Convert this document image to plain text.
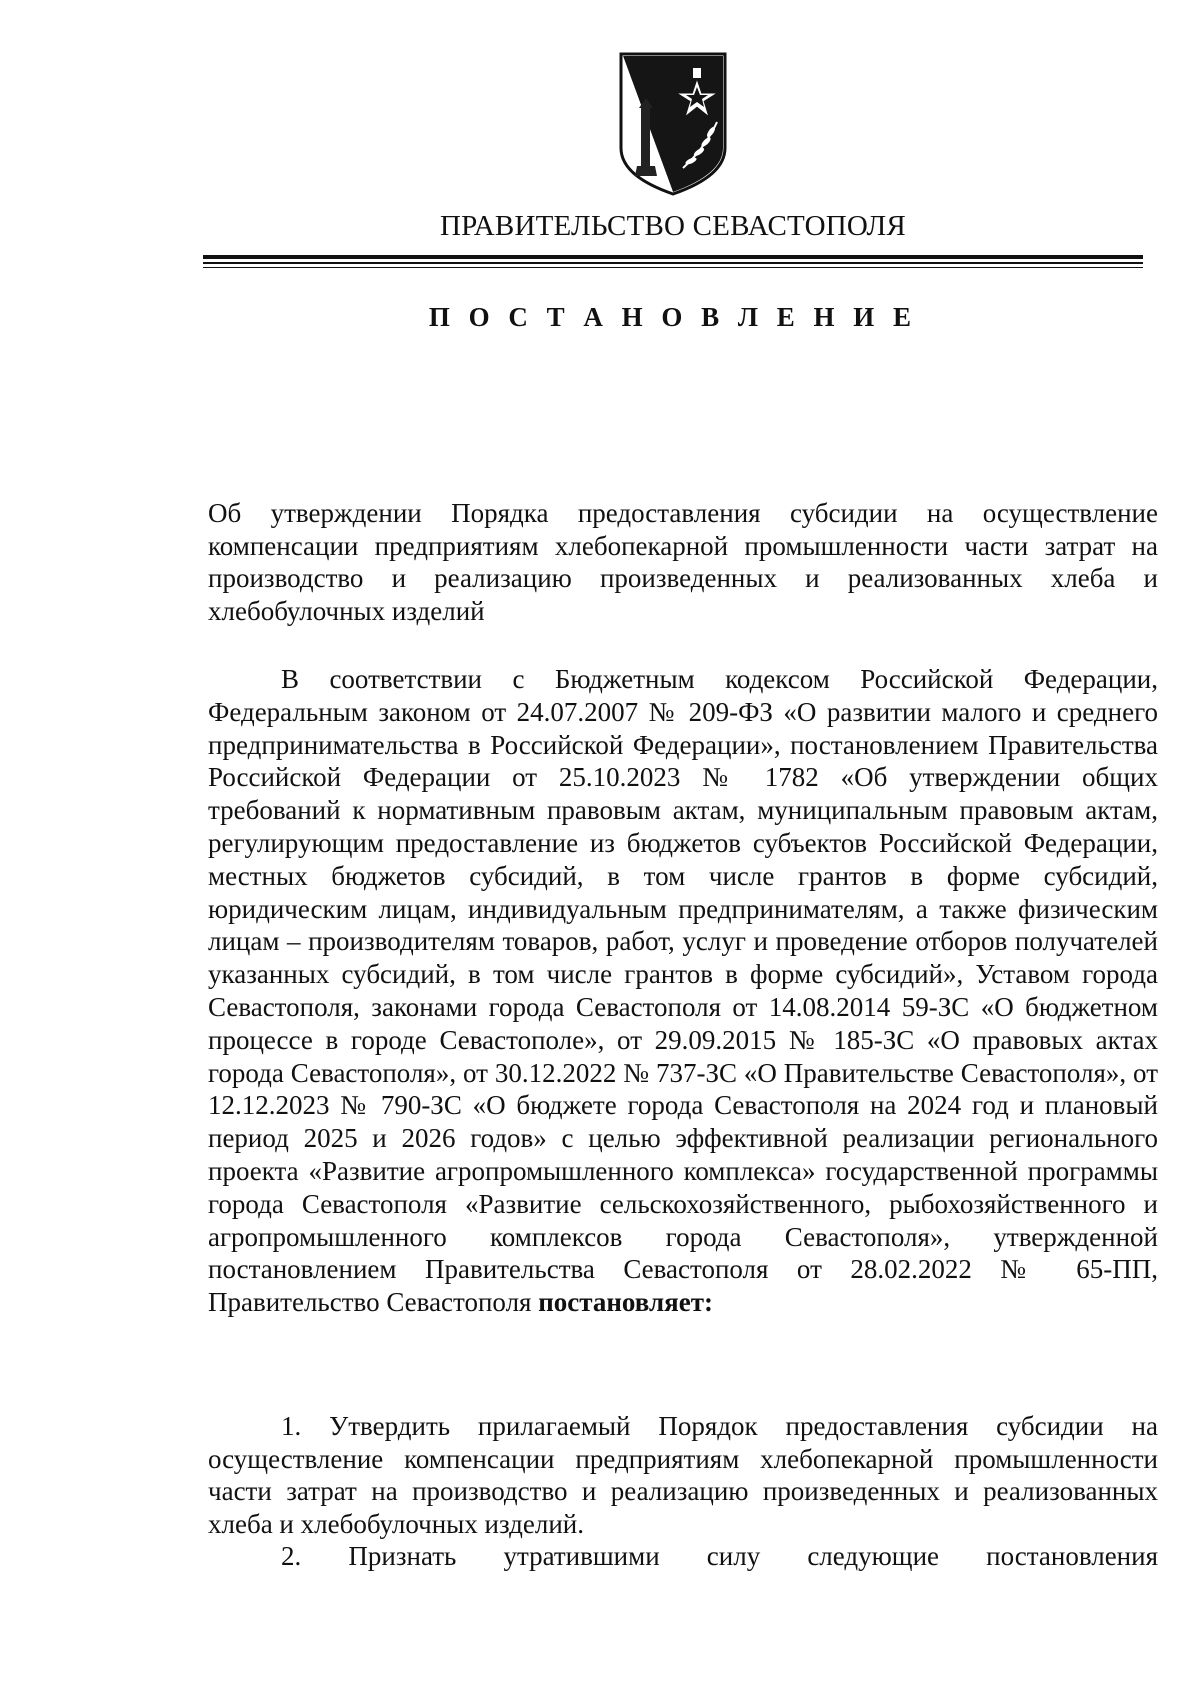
ПРАВИТЕЛЬСТВО СЕВАСТОПОЛЯ
П О С Т А Н О В Л Е Н И Е
Об утверждении Порядка предоставления субсидии на осуществление компенсации предприятиям хлебопекарной промышленности части затрат на производство и реализацию произведенных и реализованных хлеба и хлебобулочных изделий

В соответствии с Бюджетным кодексом Российской Федерации, Федеральным законом от 24.07.2007 № 209-ФЗ «О развитии малого и среднего предпринимательства в Российской Федерации», постановлением Правительства Российской Федерации от 25.10.2023 № 1782 «Об утверждении общих требований к нормативным правовым актам, муниципальным правовым актам, регулирующим предоставление из бюджетов субъектов Российской Федерации, местных бюджетов субсидий, в том числе грантов в форме субсидий, юридическим лицам, индивидуальным предпринимателям, а также физическим лицам – производителям товаров, работ, услуг и проведение отборов получателей указанных субсидий, в том числе грантов в форме субсидий», Уставом города Севастополя, законами города Севастополя от 14.08.2014 59-ЗС «О бюджетном процессе в городе Севастополе», от 29.09.2015 № 185-ЗС «О правовых актах города Севастополя», от 30.12.2022 № 737-ЗС «О Правительстве Севастополя», от 12.12.2023 № 790-ЗС «О бюджете города Севастополя на 2024 год и плановый период 2025 и 2026 годов» с целью эффективной реализации регионального проекта «Развитие агропромышленного комплекса» государственной программы города Севастополя «Развитие сельскохозяйственного, рыбохозяйственного и агропромышленного комплексов города Севастополя», утвержденной постановлением Правительства Севастополя от 28.02.2022 № 65-ПП, Правительство Севастополя постановляет:

1. Утвердить прилагаемый Порядок предоставления субсидии на осуществление компенсации предприятиям хлебопекарной промышленности части затрат на производство и реализацию произведенных и реализованных хлеба и хлебобулочных изделий.

2. Признать утратившими силу следующие постановления
